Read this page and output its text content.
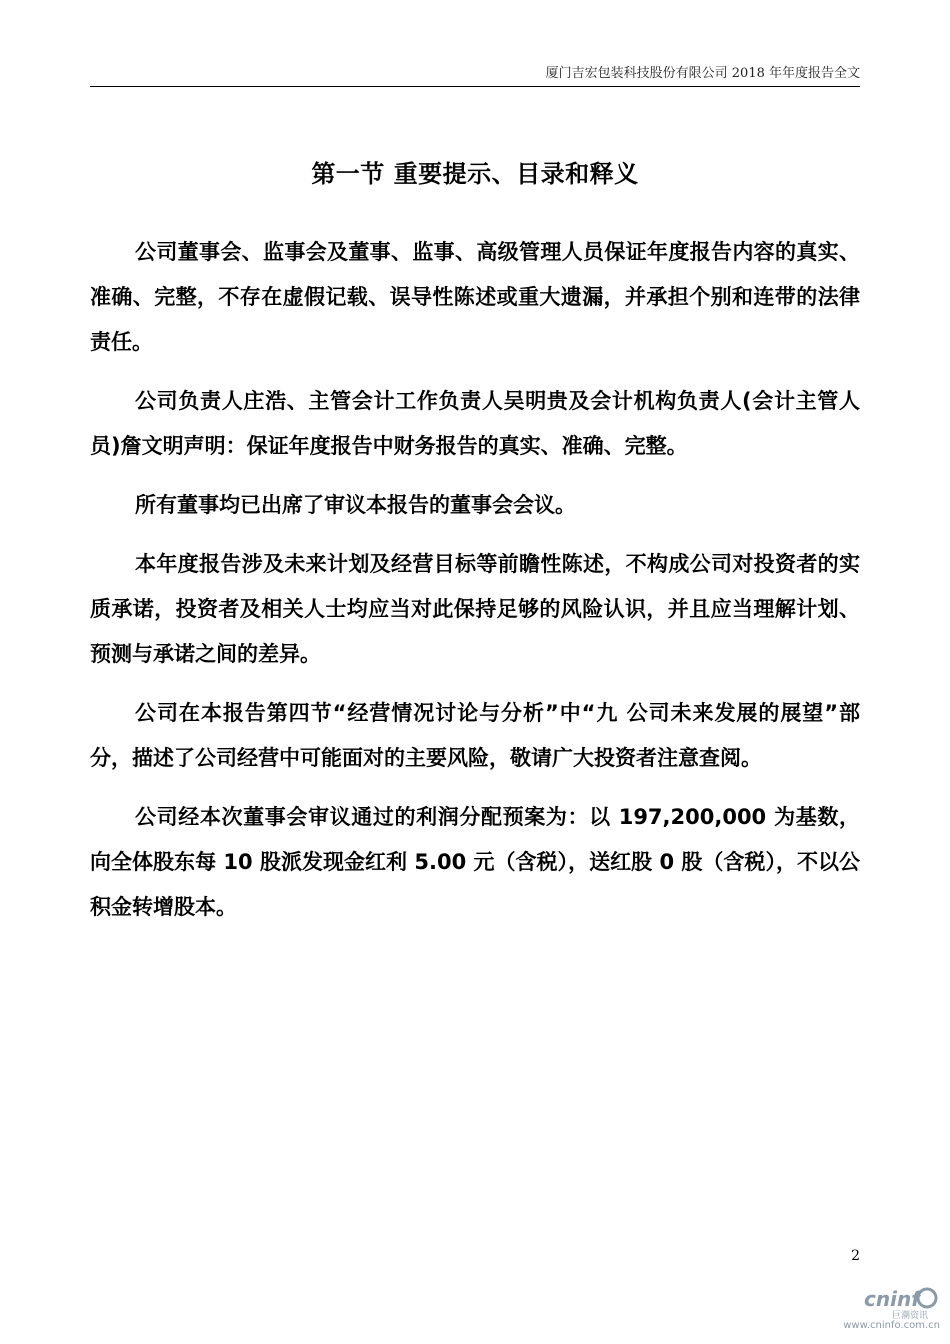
厦门吉宏包装科技股份有限公司 2018 年年度报告全文
第一节 重要提示、目录和释义

公司董事会、监事会及董事、监事、高级管理人员保证年度报告内容的真实、准确、完整，不存在虚假记载、误导性陈述或重大遗漏，并承担个别和连带的法律责任。

公司负责人庄浩、主管会计工作负责人吴明贵及会计机构负责人(会计主管人员)詹文明声明：保证年度报告中财务报告的真实、准确、完整。

所有董事均已出席了审议本报告的董事会会议。

本年度报告涉及未来计划及经营目标等前瞻性陈述，不构成公司对投资者的实质承诺，投资者及相关人士均应当对此保持足够的风险认识，并且应当理解计划、预测与承诺之间的差异。

公司在本报告第四节“经营情况讨论与分析”中“九 公司未来发展的展望”部分，描述了公司经营中可能面对的主要风险，敬请广大投资者注意查阅。

公司经本次董事会审议通过的利润分配预案为：以 197,200,000 为基数，向全体股东每 10 股派发现金红利 5.00 元（含税），送红股 0 股（含税），不以公积金转增股本。

2
cninf
巨潮资讯
www.cninfo.com.cn
